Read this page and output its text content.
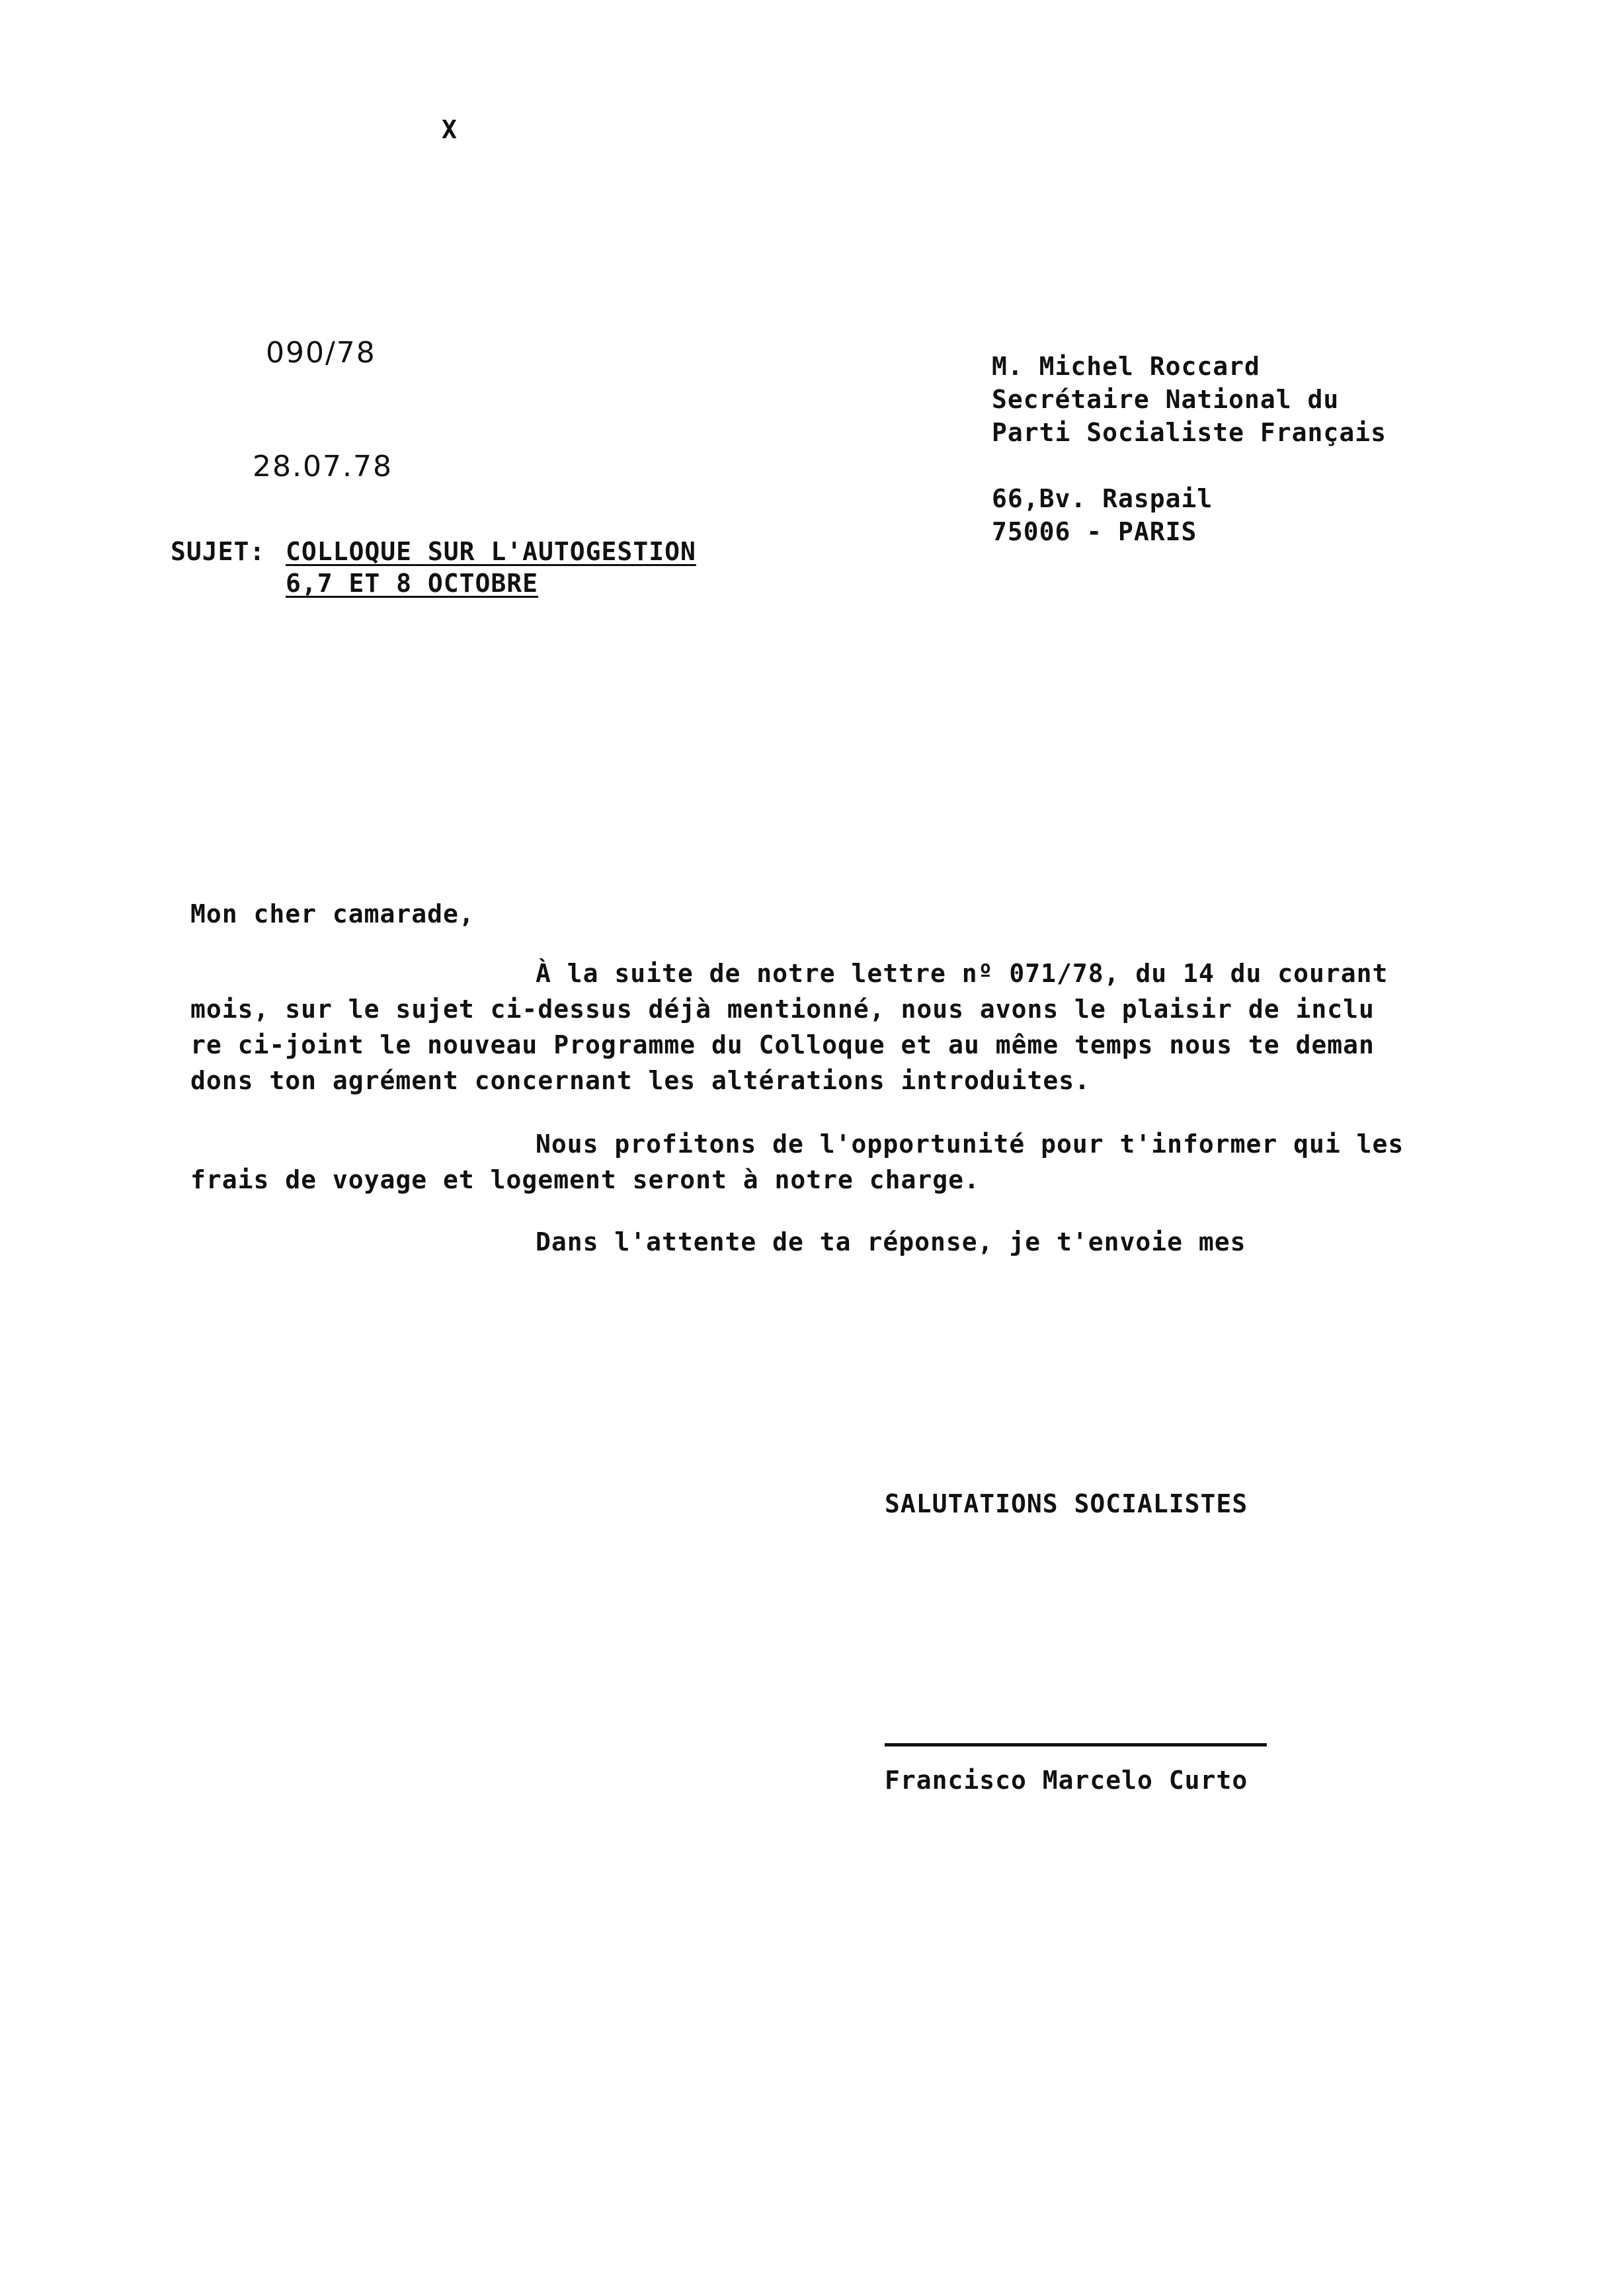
X
090/78
28.07.78
SUJET: COLLOQUE SUR L'AUTOGESTION
6,7 ET 8 OCTOBRE
M. Michel Roccard
Secrétaire National du
Parti Socialiste Français
66,Bv. Raspail
75006 - PARIS
Mon cher camarade,
À la suite de notre lettre nº 071/78, du 14 du courant
mois, sur le sujet ci-dessus déjà mentionné, nous avons le plaisir de inclu
re ci-joint le nouveau Programme du Colloque et au même temps nous te deman
dons ton agrément concernant les altérations introduites.
Nous profitons de l'opportunité pour t'informer qui les
frais de voyage et logement seront à notre charge.
Dans l'attente de ta réponse, je t'envoie mes
SALUTATIONS SOCIALISTES
Francisco Marcelo Curto
